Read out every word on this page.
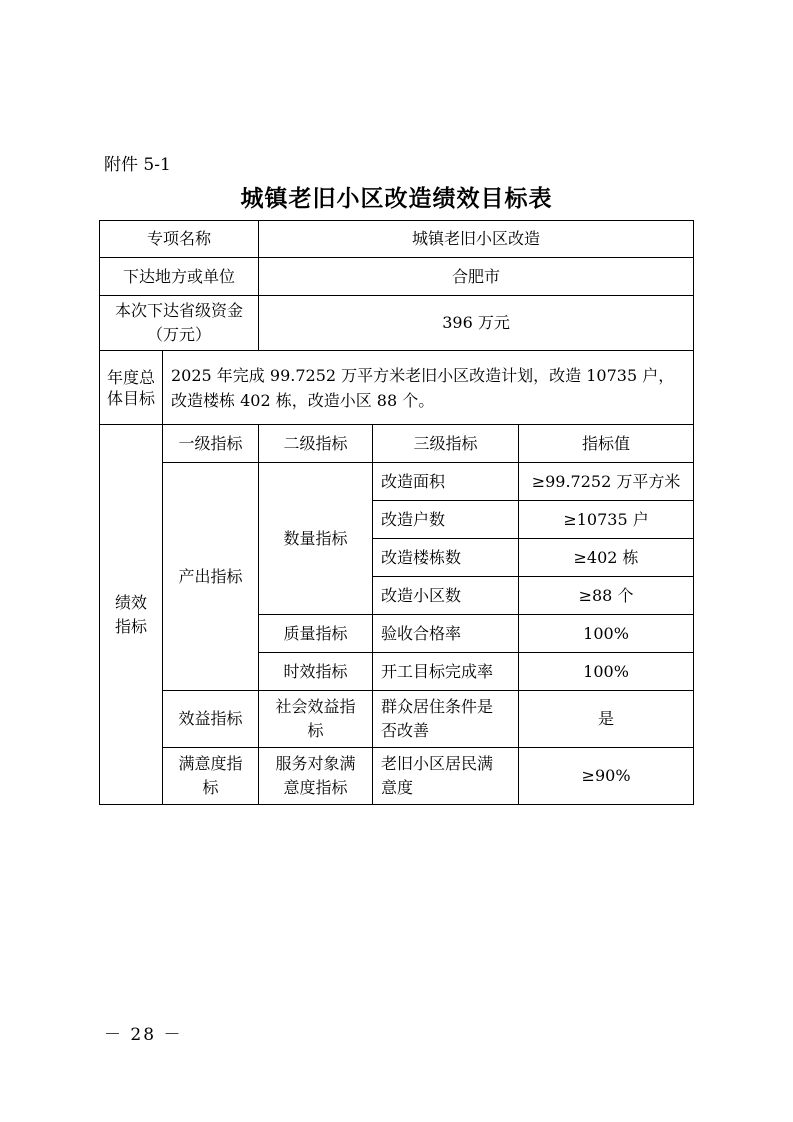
附件 5-1
城镇老旧小区改造绩效目标表
专项名称		城镇老旧小区改造		
下达地方或单位		合肥市		

本次下达省级资金
（万元）		396 万元		
年度总体目标	2025 年完成 99.7252 万平方米老旧小区改造计划，改造 10735 户，改造楼栋 402 栋，改造小区 88 个。			

绩效指标	一级指标	二级指标	三级指标	指标值
	产出指标	数量指标	改造面积	≥99.7252 万平方米
			改造户数	≥10735 户
			改造楼栋数	≥402 栋
			改造小区数	≥88 个
		质量指标	验收合格率	100%
		时效指标	开工目标完成率	100%
	效益指标	社会效益指标	群众居住条件是否改善	是

	满意度指标	服务对象满意度指标	老旧小区居民满意度	≥90%
－ 28 －
